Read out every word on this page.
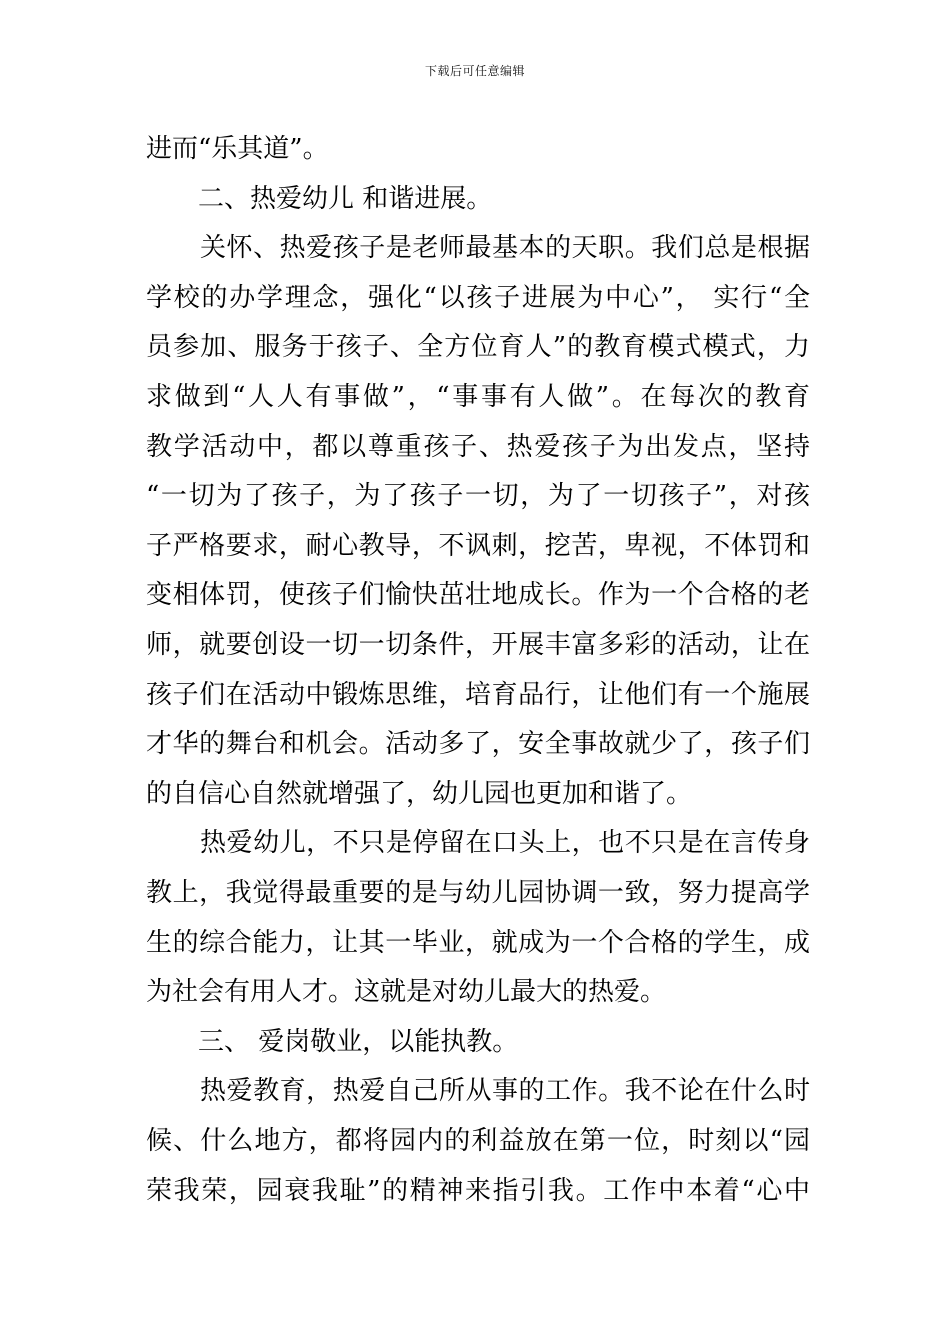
下载后可任意编辑
进而“乐其道”。
二、热爱幼儿 和谐进展。
关怀、热爱孩子是老师最基本的天职。我们总是根据
学校的办学理念，强化“以孩子进展为中心”， 实行“全
员参加、服务于孩子、全方位育人”的教育模式模式，力
求做到“人人有事做”，“事事有人做”。在每次的教育
教学活动中，都以尊重孩子、热爱孩子为出发点，坚持
“一切为了孩子，为了孩子一切，为了一切孩子”，对孩
子严格要求，耐心教导，不讽刺，挖苦，卑视，不体罚和
变相体罚，使孩子们愉快茁壮地成长。作为一个合格的老
师，就要创设一切一切条件，开展丰富多彩的活动，让在
孩子们在活动中锻炼思维，培育品行，让他们有一个施展
才华的舞台和机会。活动多了，安全事故就少了，孩子们
的自信心自然就增强了，幼儿园也更加和谐了。
热爱幼儿，不只是停留在口头上，也不只是在言传身
教上，我觉得最重要的是与幼儿园协调一致，努力提高学
生的综合能力，让其一毕业，就成为一个合格的学生，成
为社会有用人才。这就是对幼儿最大的热爱。
三、 爱岗敬业，以能执教。
热爱教育，热爱自己所从事的工作。我不论在什么时
候、什么地方，都将园内的利益放在第一位，时刻以“园
荣我荣，园衰我耻”的精神来指引我。工作中本着“心中
